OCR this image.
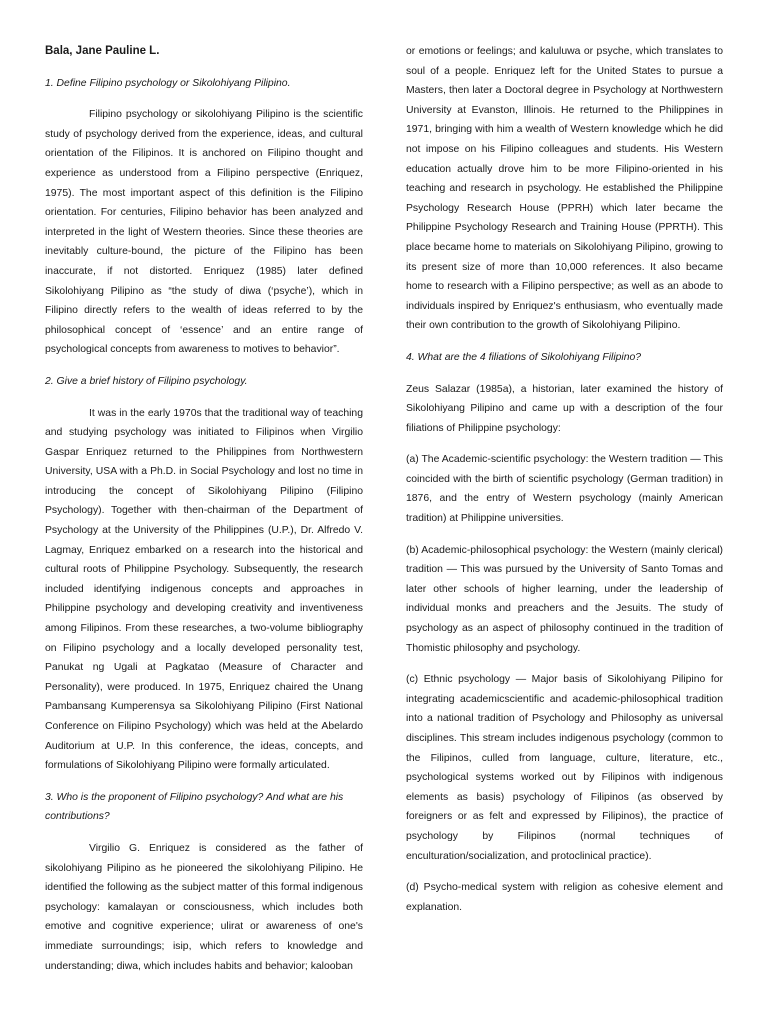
Bala, Jane Pauline L.

1. Define Filipino psychology or Sikolohiyang Pilipino.

Filipino psychology or sikolohiyang Pilipino is the scientific study of psychology derived from the experience, ideas, and cultural orientation of the Filipinos. It is anchored on Filipino thought and experience as understood from a Filipino perspective (Enriquez, 1975). The most important aspect of this definition is the Filipino orientation. For centuries, Filipino behavior has been analyzed and interpreted in the light of Western theories. Since these theories are inevitably culture-bound, the picture of the Filipino has been inaccurate, if not distorted. Enriquez (1985) later defined Sikolohiyang Pilipino as “the study of diwa (‘psyche’), which in Filipino directly refers to the wealth of ideas referred to by the philosophical concept of ‘essence’ and an entire range of psychological concepts from awareness to motives to behavior”.

2. Give a brief history of Filipino psychology.

It was in the early 1970s that the traditional way of teaching and studying psychology was initiated to Filipinos when Virgilio Gaspar Enriquez returned to the Philippines from Northwestern University, USA with a Ph.D. in Social Psychology and lost no time in introducing the concept of Sikolohiyang Pilipino (Filipino Psychology). Together with then-chairman of the Department of Psychology at the University of the Philippines (U.P.), Dr. Alfredo V. Lagmay, Enriquez embarked on a research into the historical and cultural roots of Philippine Psychology. Subsequently, the research included identifying indigenous concepts and approaches in Philippine psychology and developing creativity and inventiveness among Filipinos. From these researches, a two-volume bibliography on Filipino psychology and a locally developed personality test, Panukat ng Ugali at Pagkatao (Measure of Character and Personality), were produced. In 1975, Enriquez chaired the Unang Pambansang Kumperensya sa Sikolohiyang Pilipino (First National Conference on Filipino Psychology) which was held at the Abelardo Auditorium at U.P. In this conference, the ideas, concepts, and formulations of Sikolohiyang Pilipino were formally articulated.

3. Who is the proponent of Filipino psychology? And what are his contributions?

Virgilio G. Enriquez is considered as the father of sikolohiyang Pilipino as he pioneered the sikolohiyang Pilipino. He identified the following as the subject matter of this formal indigenous psychology: kamalayan or consciousness, which includes both emotive and cognitive experience; ulirat or awareness of one's immediate surroundings; isip, which refers to knowledge and understanding; diwa, which includes habits and behavior; kalooban

or emotions or feelings; and kaluluwa or psyche, which translates to soul of a people. Enriquez left for the United States to pursue a Masters, then later a Doctoral degree in Psychology at Northwestern University at Evanston, Illinois. He returned to the Philippines in 1971, bringing with him a wealth of Western knowledge which he did not impose on his Filipino colleagues and students. His Western education actually drove him to be more Filipino-oriented in his teaching and research in psychology. He established the Philippine Psychology Research House (PPRH) which later became the Philippine Psychology Research and Training House (PPRTH). This place became home to materials on Sikolohiyang Pilipino, growing to its present size of more than 10,000 references. It also became home to research with a Filipino perspective; as well as an abode to individuals inspired by Enriquez's enthusiasm, who eventually made their own contribution to the growth of Sikolohiyang Pilipino.

4. What are the 4 filiations of Sikolohiyang Filipino?

Zeus Salazar (1985a), a historian, later examined the history of Sikolohiyang Pilipino and came up with a description of the four filiations of Philippine psychology:

(a) The Academic-scientific psychology: the Western tradition — This coincided with the birth of scientific psychology (German tradition) in 1876, and the entry of Western psychology (mainly American tradition) at Philippine universities.

(b) Academic-philosophical psychology: the Western (mainly clerical) tradition — This was pursued by the University of Santo Tomas and later other schools of higher learning, under the leadership of individual monks and preachers and the Jesuits. The study of psychology as an aspect of philosophy continued in the tradition of Thomistic philosophy and psychology.

(c) Ethnic psychology — Major basis of Sikolohiyang Pilipino for integrating academicscientific and academic-philosophical tradition into a national tradition of Psychology and Philosophy as universal disciplines. This stream includes indigenous psychology (common to the Filipinos, culled from language, culture, literature, etc., psychological systems worked out by Filipinos with indigenous elements as basis) psychology of Filipinos (as observed by foreigners or as felt and expressed by Filipinos), the practice of psychology by Filipinos (normal techniques of enculturation/socialization, and protoclinical practice).

(d) Psycho-medical system with religion as cohesive element and explanation.
